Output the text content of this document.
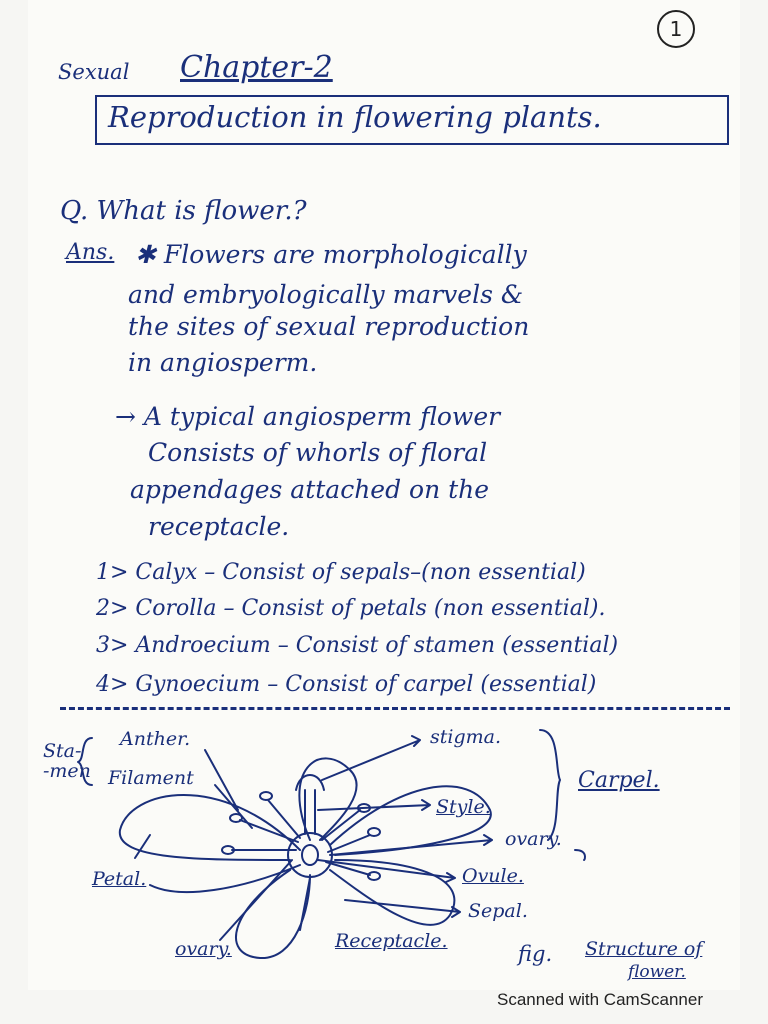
1
Sexual Chapter-2
Reproduction in flowering plants.
Q. What is flower.?
Ans. ✱ Flowers are morphologically
and embryologically marvels &
the sites of sexual reproduction
in angiosperm.
→ A typical angiosperm flower
Consists of whorls of floral
appendages attached on the
receptacle.
1> Calyx – Consist of sepals–(non essential)
2> Corolla – Consist of petals (non essential).
3> Androecium – Consist of stamen (essential)
4> Gynoecium – Consist of carpel (essential)
Sta-
-men
Anther.
Filament
stigma.
Style.
ovary.
Ovule.
Sepal.
Carpel.
Petal.
ovary.	Receptacle.
fig. Structure of
flower.
Scanned with CamScanner
